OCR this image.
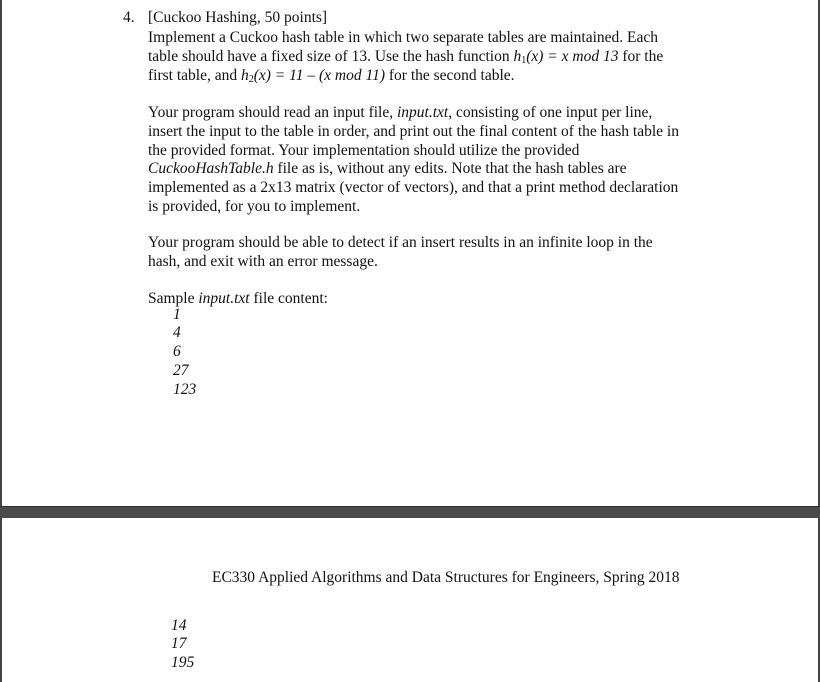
4. [Cuckoo Hashing, 50 points]
Implement a Cuckoo hash table in which two separate tables are maintained. Each
table should have a fixed size of 13. Use the hash function $h_1(x) = x$ mod 13 for the
first table, and $h_2(x) = 11 - (x$ mod 11) for the second table.
Your program should read an input file, input.txt, consisting of one input per line,
insert the input to the table in order, and print out the final content of the hash table in
the provided format. Your implementation should utilize the provided
CuckooHashTable.h file as is, without any edits. Note that the hash tables are
implemented as a 2x13 matrix (vector of vectors), and that a print method declaration
is provided, for you to implement.
Your program should be able to detect if an insert results in an infinite loop in the
hash, and exit with an error message.
Sample input.txt file content:
1
4
6
27
123
EC330 Applied Algorithms and Data Structures for Engineers, Spring 2018
14
17
195
